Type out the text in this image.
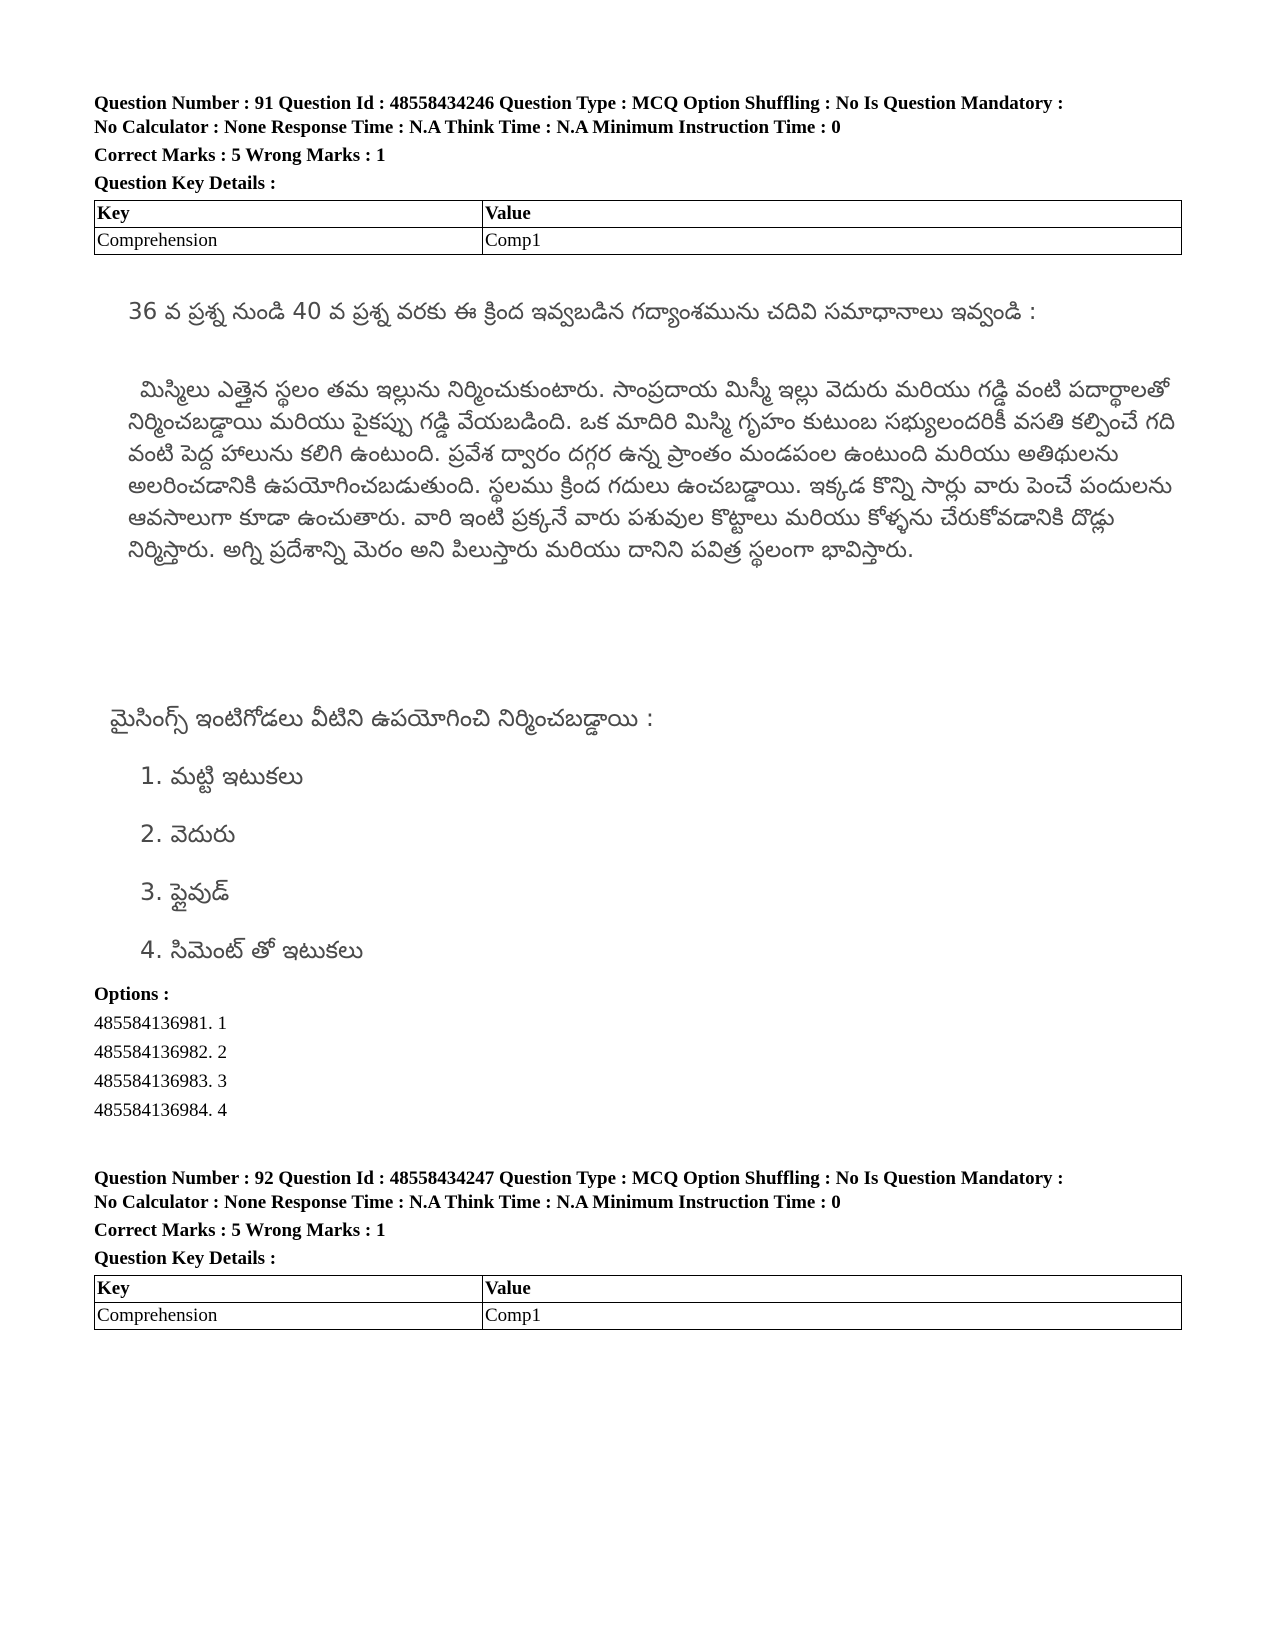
Question Number : 91 Question Id : 48558434246 Question Type : MCQ Option Shuffling : No Is Question Mandatory :

No Calculator : None Response Time : N.A Think Time : N.A Minimum Instruction Time : 0

Correct Marks : 5 Wrong Marks : 1
Question Key Details :
Key	Value
Comprehension	Comp1
36 వ ప్రశ్న నుండి 40 వ ప్రశ్న వరకు ఈ క్రింద ఇవ్వబడిన గద్యాంశమును చదివి సమాధానాలు ఇవ్వండి :

మిస్మిలు ఎత్తైన స్థలం తమ ఇల్లును నిర్మించుకుంటారు. సాంప్రదాయ మిస్మీ ఇల్లు వెదురు మరియు గడ్డి వంటి పదార్థాలతో నిర్మించబడ్డాయి మరియు పైకప్పు గడ్డి వేయబడింది. ఒక మాదిరి మిస్మి గృహం కుటుంబ సభ్యులందరికీ వసతి కల్పించే గది వంటి పెద్ద హాలును కలిగి ఉంటుంది. ప్రవేశ ద్వారం దగ్గర ఉన్న ప్రాంతం మండపంల ఉంటుంది మరియు అతిథులను అలరించడానికి ఉపయోగించబడుతుంది. స్థలము క్రింద గదులు ఉంచబడ్డాయి. ఇక్కడ కొన్ని సార్లు వారు పెంచే పందులను ఆవసాలుగా కూడా ఉంచుతారు. వారి ఇంటి ప్రక్కనే వారు పశువుల కొట్టాలు మరియు కోళ్ళను చేరుకోవడానికి దొడ్లు నిర్మిస్తారు. అగ్ని ప్రదేశాన్ని మెరం అని పిలుస్తారు మరియు దానిని పవిత్ర స్థలంగా భావిస్తారు.

మైసింగ్స్ ఇంటిగోడలు వీటిని ఉపయోగించి నిర్మించబడ్డాయి :
1. మట్టి ఇటుకలు
2. వెదురు
3. ప్లైవుడ్
4. సిమెంట్ తో ఇటుకలు
Options :
485584136981. 1
485584136982. 2
485584136983. 3
485584136984. 4

Question Number : 92 Question Id : 48558434247 Question Type : MCQ Option Shuffling : No Is Question Mandatory :

No Calculator : None Response Time : N.A Think Time : N.A Minimum Instruction Time : 0

Correct Marks : 5 Wrong Marks : 1
Question Key Details :
Key	Value
Comprehension	Comp1
